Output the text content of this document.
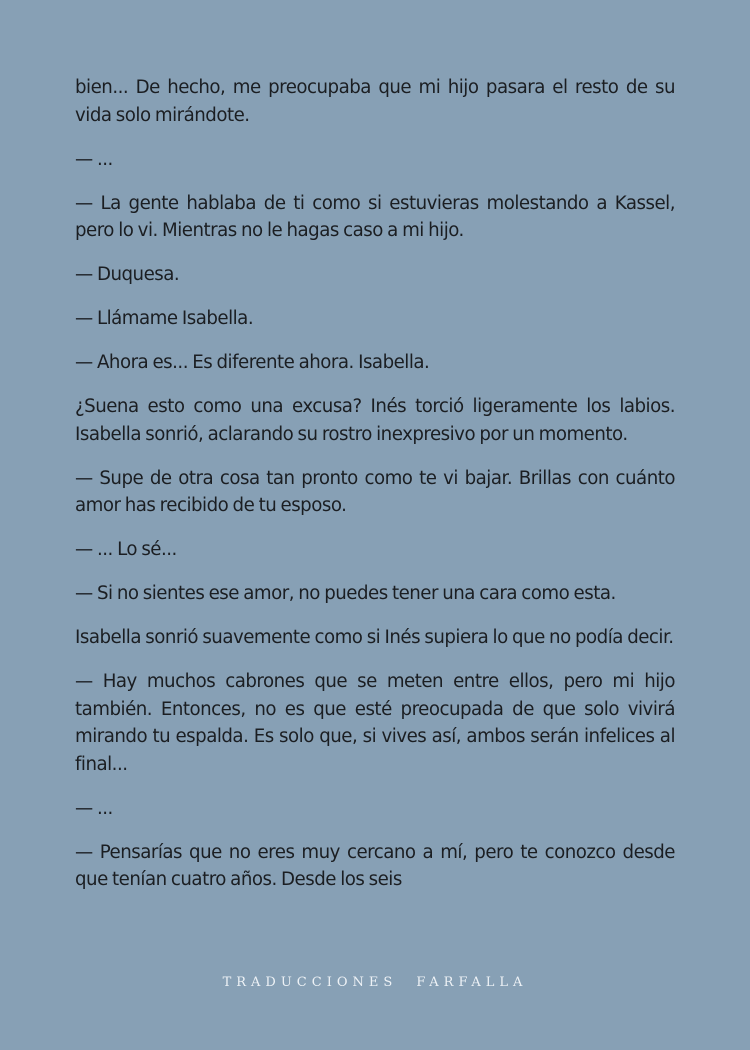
bien... De hecho, me preocupaba que mi hijo pasara el resto de su vida solo mirándote.

— ...

— La gente hablaba de ti como si estuvieras molestando a Kassel, pero lo vi. Mientras no le hagas caso a mi hijo.

— Duquesa.

— Llámame Isabella.

— Ahora es... Es diferente ahora. Isabella.

¿Suena esto como una excusa? Inés torció ligeramente los labios. Isabella sonrió, aclarando su rostro inexpresivo por un momento.

— Supe de otra cosa tan pronto como te vi bajar. Brillas con cuánto amor has recibido de tu esposo.

— ... Lo sé...

— Si no sientes ese amor, no puedes tener una cara como esta.

Isabella sonrió suavemente como si Inés supiera lo que no podía decir.

— Hay muchos cabrones que se meten entre ellos, pero mi hijo también. Entonces, no es que esté preocupada de que solo vivirá mirando tu espalda. Es solo que, si vives así, ambos serán infelices al final...

— ...

— Pensarías que no eres muy cercano a mí, pero te conozco desde que tenían cuatro años. Desde los seis

TRADUCCIONES FARFALLA
